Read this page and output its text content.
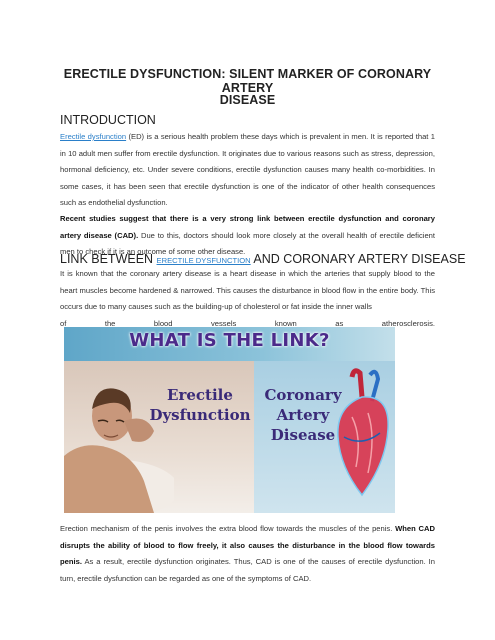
ERECTILE DYSFUNCTION: SILENT MARKER OF CORONARY ARTERY
DISEASE
INTRODUCTION
Erectile dysfunction (ED) is a serious health problem these days which is prevalent in men. It is reported that 1 in 10 adult men suffer from erectile dysfunction. It originates due to various reasons such as stress, depression, hormonal deficiency, etc. Under severe conditions, erectile dysfunction causes many health co-morbidities. In some cases, it has been seen that erectile dysfunction is one of the indicator of other health consequences such as endothelial dysfunction.
Recent studies suggest that there is a very strong link between erectile dysfunction and coronary artery disease (CAD). Due to this, doctors should look more closely at the overall health of erectile deficient men to check if it is an outcome of some other disease.
LINK BETWEEN ERECTILE DYSFUNCTION AND CORONARY ARTERY DISEASE
It is known that the coronary artery disease is a heart disease in which the arteries that supply blood to the heart muscles become hardened & narrowed. This causes the disturbance in blood flow in the entire body. This occurs due to many causes such as the building-up of cholesterol or fat inside the inner walls
of the blood vessels known as atherosclerosis.
WHAT IS THE LINK?
Erectile
Dysfunction
Coronary
Artery
Disease
Erection mechanism of the penis involves the extra blood flow towards the muscles of the penis. When CAD disrupts the ability of blood to flow freely, it also causes the disturbance in the blood flow towards penis. As a result, erectile dysfunction originates. Thus, CAD is one of the causes of erectile dysfunction. In turn, erectile dysfunction can be regarded as one of the symptoms of CAD.
